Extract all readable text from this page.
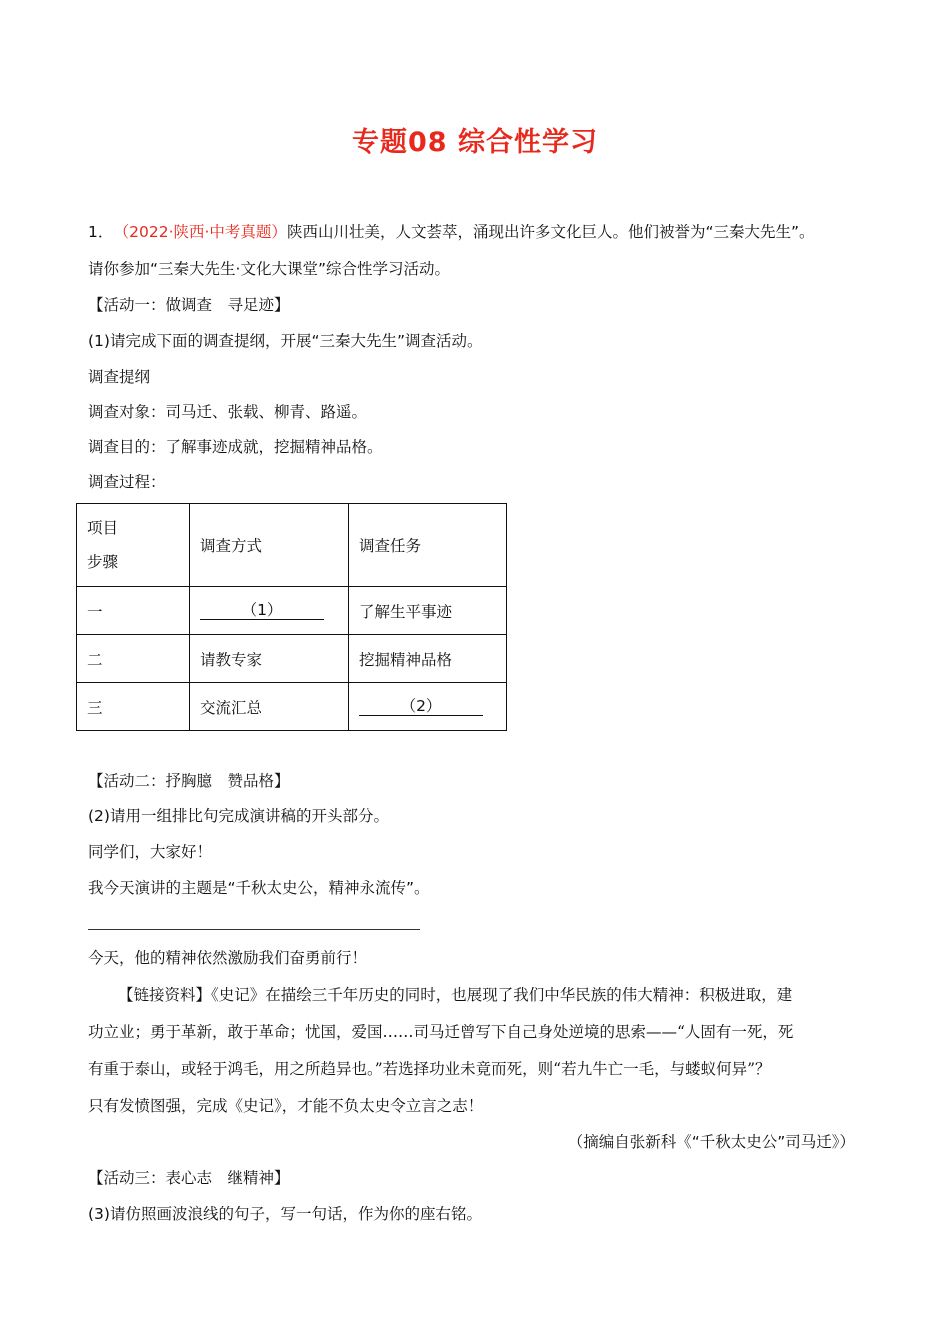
专题08 综合性学习
1． （2022·陕西·中考真题）陕西山川壮美，人文荟萃，涌现出许多文化巨人。他们被誉为“三秦大先生”。
请你参加“三秦大先生·文化大课堂”综合性学习活动。
【活动一：做调查　寻足迹】
(1)请完成下面的调查提纲，开展“三秦大先生”调查活动。
调查提纲
调查对象：司马迁、张载、柳青、路遥。
调查目的：了解事迹成就，挖掘精神品格。
调查过程：
项目
步骤	调查方式	调查任务
一	（1）	了解生平事迹
二	请教专家	挖掘精神品格
三	交流汇总	（2）
【活动二：抒胸臆　赞品格】
(2)请用一组排比句完成演讲稿的开头部分。
同学们，大家好！
我今天演讲的主题是“千秋太史公，精神永流传”。
今天，他的精神依然激励我们奋勇前行！
【链接资料】《史记》在描绘三千年历史的同时，也展现了我们中华民族的伟大精神：积极进取，建
功立业；勇于革新，敢于革命；忧国，爱国……司马迁曾写下自己身处逆境的思索——“人固有一死，死
有重于泰山，或轻于鸿毛，用之所趋异也。”若选择功业未竟而死，则“若九牛亡一毛，与蝼蚁何异”？
只有发愤图强，完成《史记》，才能不负太史令立言之志！
（摘编自张新科《“千秋太史公”司马迁》）
【活动三：表心志　继精神】
(3)请仿照画波浪线的句子，写一句话，作为你的座右铭。
